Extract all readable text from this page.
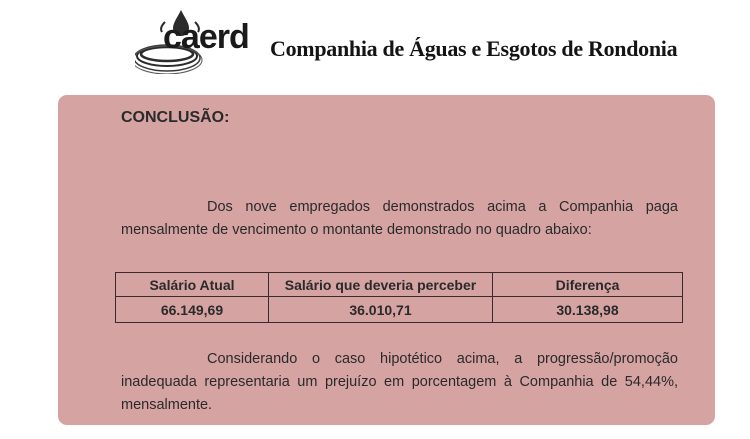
caerd Companhia de Águas e Esgotos de Rondonia
CONCLUSÃO:
Dos nove empregados demonstrados acima a Companhia paga mensalmente de vencimento o montante demonstrado no quadro abaixo:
Salário Atual	Salário que deveria perceber	Diferença
66.149,69	36.010,71	30.138,98
Considerando o caso hipotético acima, a progressão/promoção inadequada representaria um prejuízo em porcentagem à Companhia de 54,44%, mensalmente.
